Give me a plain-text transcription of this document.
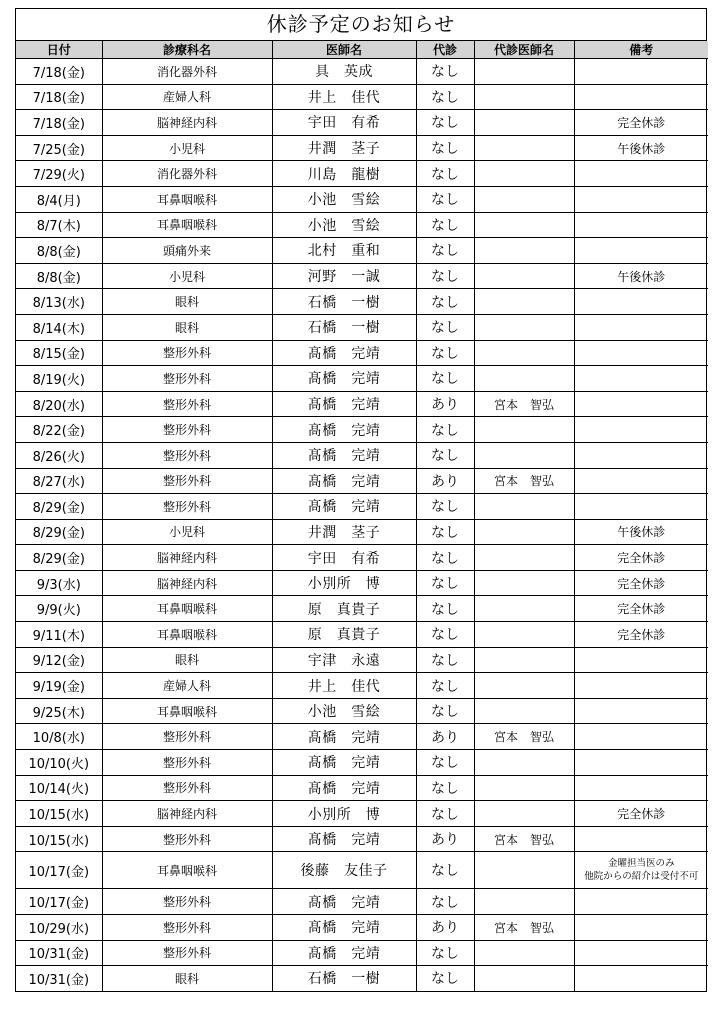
休診予定のお知らせ
日付	診療科名	医師名	代診	代診医師名	備考
7/18(金)	消化器外科	具　英成	なし		
7/18(金)	産婦人科	井上　佳代	なし		
7/18(金)	脳神経内科	宇田　有希	なし		完全休診
7/25(金)	小児科	井潤　茎子	なし		午後休診
7/29(火)	消化器外科	川島　龍樹	なし		
8/4(月)	耳鼻咽喉科	小池　雪絵	なし		
8/7(木)	耳鼻咽喉科	小池　雪絵	なし		
8/8(金)	頭痛外来	北村　重和	なし		
8/8(金)	小児科	河野　一誠	なし		午後休診
8/13(水)	眼科	石橋　一樹	なし		
8/14(木)	眼科	石橋　一樹	なし		
8/15(金)	整形外科	髙橋　完靖	なし		
8/19(火)	整形外科	髙橋　完靖	なし		
8/20(水)	整形外科	髙橋　完靖	あり	宮本　智弘	
8/22(金)	整形外科	髙橋　完靖	なし		
8/26(火)	整形外科	髙橋　完靖	なし		
8/27(水)	整形外科	髙橋　完靖	あり	宮本　智弘	
8/29(金)	整形外科	髙橋　完靖	なし		
8/29(金)	小児科	井潤　茎子	なし		午後休診
8/29(金)	脳神経内科	宇田　有希	なし		完全休診
9/3(水)	脳神経内科	小別所　博	なし		完全休診
9/9(火)	耳鼻咽喉科	原　真貴子	なし		完全休診
9/11(木)	耳鼻咽喉科	原　真貴子	なし		完全休診
9/12(金)	眼科	宇津　永遠	なし		
9/19(金)	産婦人科	井上　佳代	なし		
9/25(木)	耳鼻咽喉科	小池　雪絵	なし		
10/8(水)	整形外科	髙橋　完靖	あり	宮本　智弘	
10/10(火)	整形外科	髙橋　完靖	なし		
10/14(火)	整形外科	髙橋　完靖	なし		
10/15(水)	脳神経内科	小別所　博	なし		完全休診
10/15(水)	整形外科	髙橋　完靖	あり	宮本　智弘	
10/17(金)	耳鼻咽喉科	後藤　友佳子	なし		金曜担当医のみ
他院からの紹介は受付不可

10/17(金)	整形外科	髙橋　完靖	なし		
10/29(水)	整形外科	髙橋　完靖	あり	宮本　智弘	
10/31(金)	整形外科	髙橋　完靖	なし		
10/31(金)	眼科	石橋　一樹	なし		
